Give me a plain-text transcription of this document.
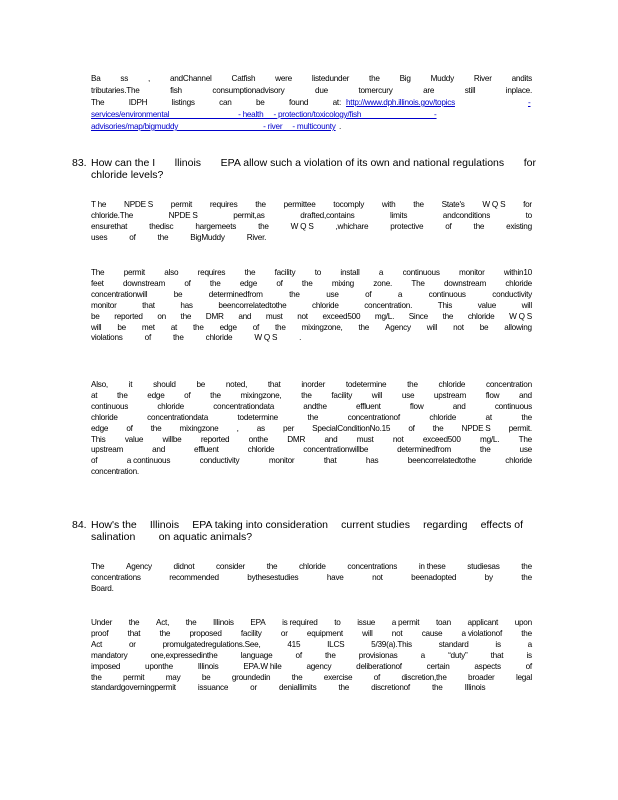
Ba ss , andChannel Catfish were listedunder the Big Muddy River andits
tributaries.The	fish	consumptionadvisory	due	tomercury	are	still	inplace.
The	IDPH	listings	can	be	found	at: http://www.dph.illinois.gov/topics	-
services/environmental                                  - health     - protection/toxicology/fish                                    -
advisories/map/bigmuddy                                          - river     - multicounty .
83. How can the I llinois EPA allow such a violation of its own and national regulations for
chloride levels?
T he NPDE S permit requires the permittee tocomply with the State's W Q S for
chloride.The	NPDE S	permit,as	drafted,contains	limits	andconditions	to
ensurethat	thedisc	hargemeets	the	W Q S	,whichare	protective	of	the	existing
uses	of	the	BigMuddy	River.
The permit also requires the facility to install a continuous monitor within10
feet downstream of the edge of the mixing zone. The downstream chloride
concentrationwill	be	determinedfrom	the	use	of	a	continuous	conductivity
monitor	that	has	beencorrelatedtothe	chloride	concentration.	This	value	will
be reported on the DMR and must not exceed500 mg/L. Since the chloride W Q S
will be met at the edge of the mixingzone, the Agency will not be allowing
violations	of	the	chloride	W Q S	.
Also,	it	should	be	noted,	that	inorder	todetermine	the	chloride	concentration
at the edge of the mixingzone, the facility will use upstream flow and
continuous	chloride	concentrationdata	andthe	effluent	flow	and	continuous
chloride	concentrationdata	todetermine	the	concentrationof	chloride	at	the
edge of the mixingzone , as per SpecialConditionNo.15 of the NPDE S permit.
This value willbe reported onthe DMR and must not exceed500 mg/L. The
upstream	and	effluent	chloride	concentrationwillbe	determinedfrom	the	use
of	a continuous	conductivity	monitor	that	has	beencorrelatedtothe	chloride
concentration.
84. How's the Illinois EPA taking into consideration current studies regarding effects of
salination        on aquatic animals?
The	Agency	didnot	consider	the	chloride	concentrations	in these	studiesas	the
concentrations	recommended	bythesestudies	have	not	beenadopted	by	the
Board.
Under the Act, the Illinois EPA is required to issue a permit toan applicant upon
proof that the proposed facility or equipment will not cause a violationof the
Act	or	promulgatedregulations.See,	415	ILCS	5/39(a).This	standard	is	a
mandatory	one,expressedinthe	language	of	the	provisionas	a	“duty”	that	is
imposed	uponthe	Illinois	EPA.W hile	agency	deliberationof	certain	aspects	of
the	permit	may	be	groundedin	the	exercise	of	discretion,the	broader	legal
standardgoverningpermit	issuance	or	deniallimits	the	discretionof	the	Illinois
